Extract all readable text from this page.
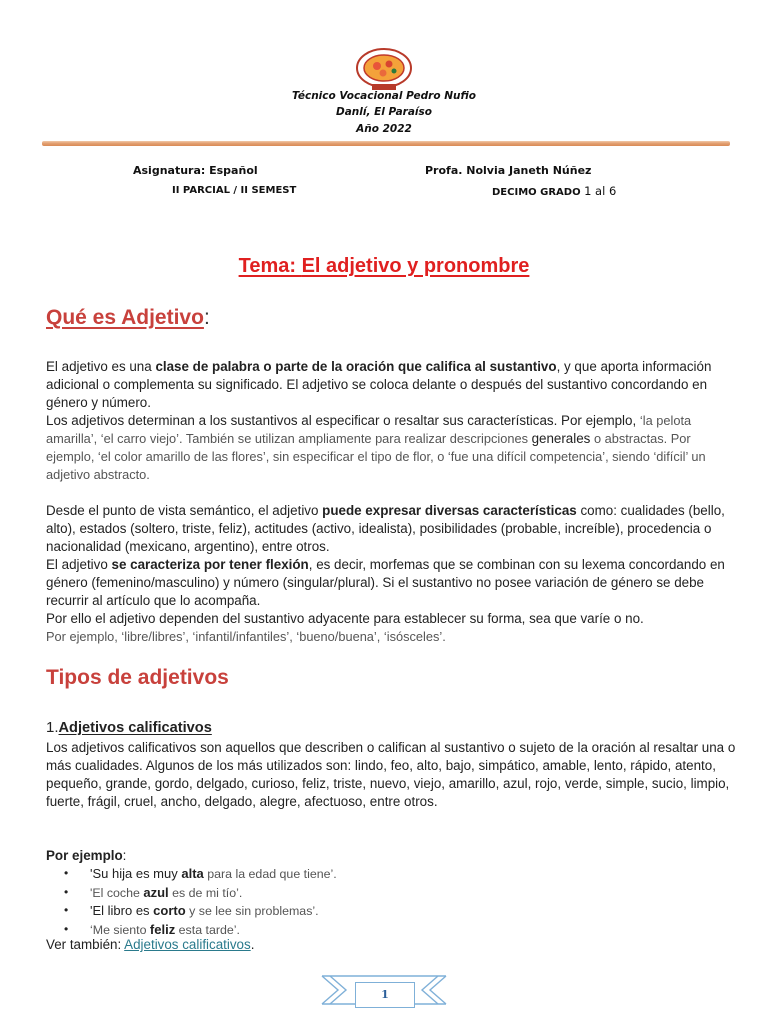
Técnico Vocacional Pedro Nufio
Danlí, El Paraíso
Año 2022
Asignatura: Español	Profa. Nolvia Janeth Núñez
II PARCIAL / II SEMEST	DECIMO GRADO 1 al 6
Tema: El adjetivo y pronombre
Qué es Adjetivo:
El adjetivo es una clase de palabra o parte de la oración que califica al sustantivo, y que aporta información adicional o complementa su significado. El adjetivo se coloca delante o después del sustantivo concordando en género y número.
Los adjetivos determinan a los sustantivos al especificar o resaltar sus características. Por ejemplo, ‘la pelota amarilla’, ‘el carro viejo’. También se utilizan ampliamente para realizar descripciones generales o abstractas. Por ejemplo, ‘el color amarillo de las flores’, sin especificar el tipo de flor, o ‘fue una difícil competencia’, siendo ‘difícil’ un adjetivo abstracto.
Desde el punto de vista semántico, el adjetivo puede expresar diversas características como: cualidades (bello, alto), estados (soltero, triste, feliz), actitudes (activo, idealista), posibilidades (probable, increíble), procedencia o nacionalidad (mexicano, argentino), entre otros.
El adjetivo se caracteriza por tener flexión, es decir, morfemas que se combinan con su lexema concordando en género (femenino/masculino) y número (singular/plural). Si el sustantivo no posee variación de género se debe recurrir al artículo que lo acompaña.
Por ello el adjetivo dependen del sustantivo adyacente para establecer su forma, sea que varíe o no.
Por ejemplo, ‘libre/libres’, ‘infantil/infantiles’, ‘bueno/buena’, ‘isósceles’.
Tipos de adjetivos
1.Adjetivos calificativos
Los adjetivos calificativos son aquellos que describen o califican al sustantivo o sujeto de la oración al resaltar una o más cualidades. Algunos de los más utilizados son: lindo, feo, alto, bajo, simpático, amable, lento, rápido, atento, pequeño, grande, gordo, delgado, curioso, feliz, triste, nuevo, viejo, amarillo, azul, rojo, verde, simple, sucio, limpio, fuerte, frágil, cruel, ancho, delgado, alegre, afectuoso, entre otros.
Por ejemplo:
• 'Su hija es muy alta para la edad que tiene’.
• 'El coche azul es de mi tío’.
• 'El libro es corto y se lee sin problemas’.
• ‘Me siento feliz esta tarde’.
Ver también: Adjetivos calificativos.
1
